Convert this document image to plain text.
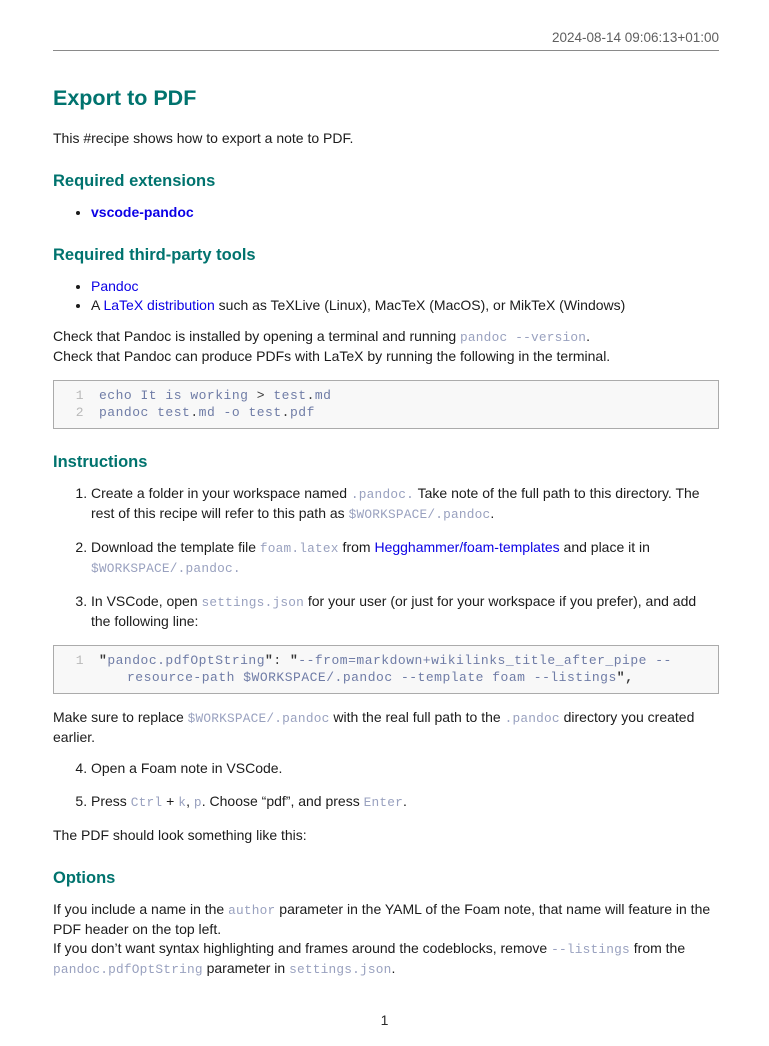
2024-08-14 09:06:13+01:00
Export to PDF

This #recipe shows how to export a note to PDF.

Required extensions
• vscode-pandoc
Required third-party tools
• Pandoc
• A LaTeX distribution such as TeXLive (Linux), MacTeX (MacOS), or MikTeX (Windows)
Check that Pandoc is installed by opening a terminal and running pandoc --version.
Check that Pandoc can produce PDFs with LaTeX by running the following in the terminal.
1	echo It is working > test.md
2	pandoc test.md -o test.pdf
Instructions
1. Create a folder in your workspace named .pandoc. Take note of the full path to this directory. The rest of this recipe will refer to this path as $WORKSPACE/.pandoc.
2. Download the template file foam.latex from Hegghammer/foam-templates and place it in $WORKSPACE/.pandoc.
3. In VSCode, open settings.json for your user (or just for your workspace if you prefer), and add the following line:
1	"pandoc.pdfOptString": "--from=markdown+wikilinks_title_after_pipe --
resource-path $WORKSPACE/.pandoc --template foam --listings",
Make sure to replace $WORKSPACE/.pandoc with the real full path to the .pandoc directory you created earlier.
4. Open a Foam note in VSCode.
5. Press Ctrl + k, p. Choose “pdf”, and press Enter.

The PDF should look something like this:

Options
If you include a name in the author parameter in the YAML of the Foam note, that name will feature in the PDF header on the top left.
If you don’t want syntax highlighting and frames around the codeblocks, remove --listings from the pandoc.pdfOptString parameter in settings.json.
1
